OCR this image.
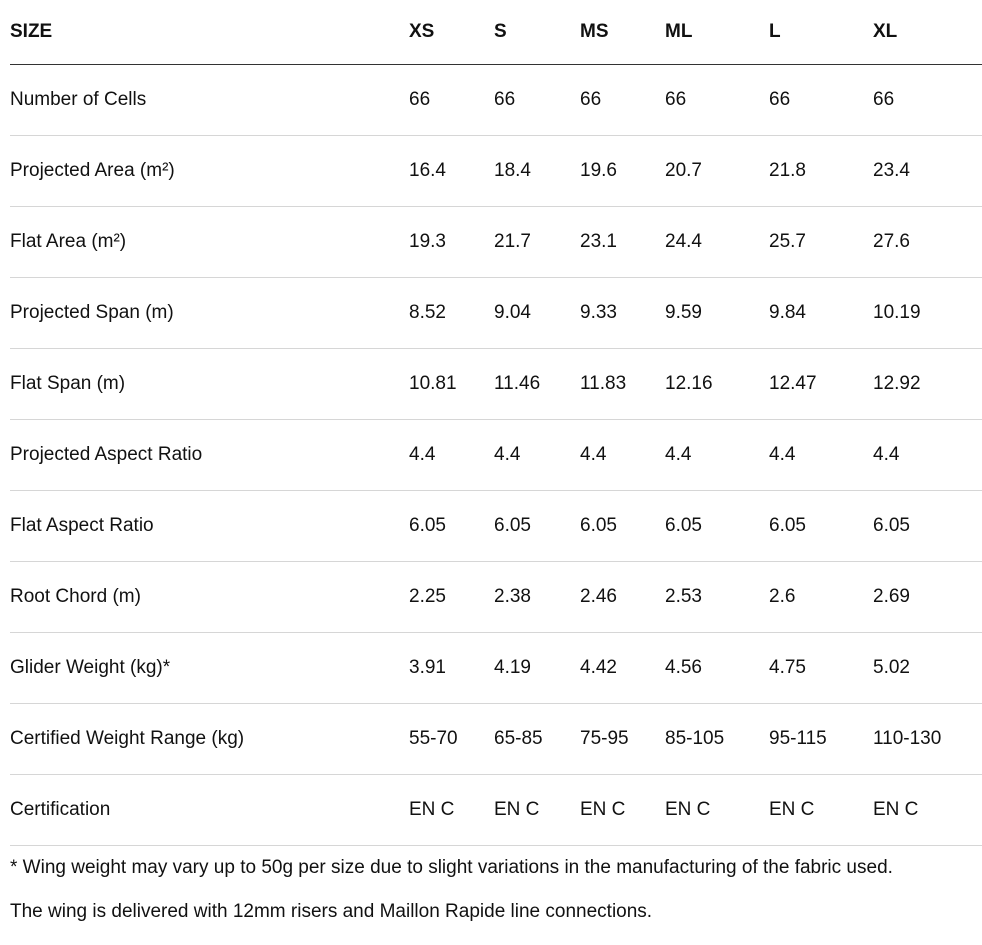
SIZE	XS	S	MS	ML	L	XL
Number of Cells	66	66	66	66	66	66
Projected Area (m²)	16.4	18.4	19.6	20.7	21.8	23.4
Flat Area (m²)	19.3	21.7	23.1	24.4	25.7	27.6
Projected Span (m)	8.52	9.04	9.33	9.59	9.84	10.19
Flat Span (m)	10.81	11.46	11.83	12.16	12.47	12.92
Projected Aspect Ratio	4.4	4.4	4.4	4.4	4.4	4.4
Flat Aspect Ratio	6.05	6.05	6.05	6.05	6.05	6.05
Root Chord (m)	2.25	2.38	2.46	2.53	2.6	2.69
Glider Weight (kg)*	3.91	4.19	4.42	4.56	4.75	5.02
Certified Weight Range (kg)	55-70	65-85	75-95	85-105	95-115	110-130
Certification	EN C	EN C	EN C	EN C	EN C	EN C
* Wing weight may vary up to 50g per size due to slight variations in the manufacturing of the fabric used.
The wing is delivered with 12mm risers and Maillon Rapide line connections.
